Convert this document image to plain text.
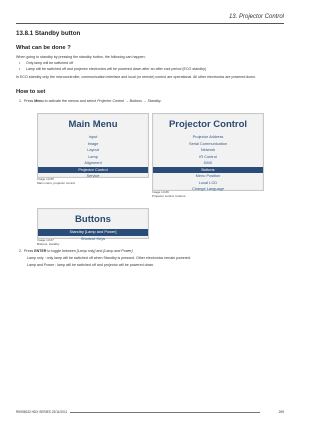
13. Projector Control
13.8.1 Standby button
What can be done ?
When going to standby by pressing the standby button, the following can happen:
• Only lamp will be switched off
• Lamp will be switched off and projector electronics will be powered down after an after cool period (ECO standby)
In ECO standby only the microcontroller, communication interface and local (or remote) control are operational. All other electronics are powered down.
How to set
1. Press Menu to activate the menus and select Projector Control → Buttons → Standby.
Main Menu
Input
Image
Layout
Lamp
Alignment
Projector Control
Service
Image 13-65
Main menu, projector control
Projector Control
Projector Address
Serial Communication
Network
IR Control
DMX
Buttons
Menu Position
Local LCD
Change Language
Image 13-66
Projector control, buttons
Buttons
Standby [Lamp and Power]
Shortcut Keys
Image 13-67
Buttons, standby
2. Press ENTER to toggle between [Lamp only] and [Lamp and Power].
Lamp only : only lamp will be switched off when Standby is pressed. Other electronics remain powered.
Lamp and Power : lamp will be switched off and projector will be powered down.
R5905032 HDX SERIES 23/11/2011	269
